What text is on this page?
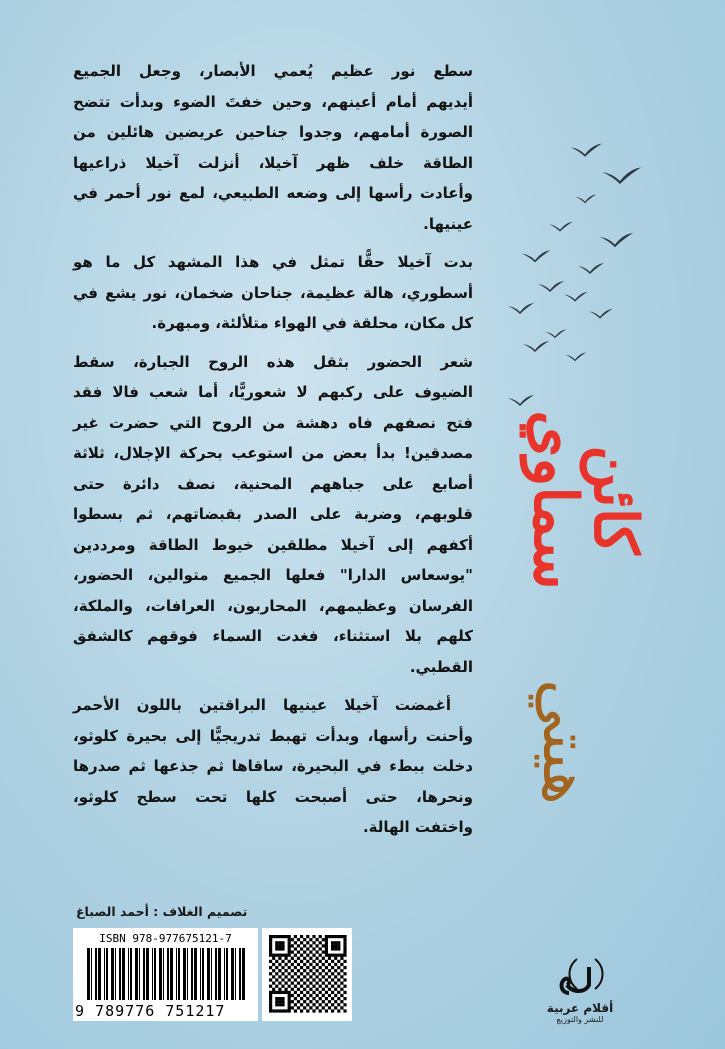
سطع نور عظيم يُعمي الأبصار، وجعل الجميع
أيديهم أمام أعينهم، وحين خفتَ الضوء وبدأت تتضح
الصورة أمامهم، وجدوا جناحين عريضين هائلين من
الطاقة خلف ظهر آخيلا، أنزلت آخيلا ذراعيها
وأعادت رأسها إلى وضعه الطبيعي، لمع نور أحمر في
عينيها.
بدت آخيلا حقًّا تمثل في هذا المشهد كل ما هو
أسطوري، هالة عظيمة، جناحان ضخمان، نور يشع في
كل مكان، محلقة في الهواء متلألئة، ومبهرة.
شعر الحضور بثقل هذه الروح الجبارة، سقط
الضيوف على ركبهم لا شعوريًّا، أما شعب فالا فقد
فتح نصفهم فاه دهشة من الروح التي حضرت غير
مصدقين! بدأ بعض من استوعب بحركة الإجلال، ثلاثة
أصابع على جباههم المحنية، نصف دائرة حتى
قلوبهم، وضربة على الصدر بقبضاتهم، ثم بسطوا
أكفهم إلى آخيلا مطلقين خيوط الطاقة ومرددين
"يوسعاس الدارا" فعلها الجميع متوالين، الحضور،
الفرسان وعظيمهم، المحاربون، العرافات، والملكة،
كلهم بلا استثناء، فغدت السماء فوقهم كالشفق
القطبي.
أغمضت آخيلا عينيها البراقتين باللون الأحمر
وأحنت رأسها، وبدأت تهبط تدريجيًّا إلى بحيرة كلوثو،
دخلت ببطء في البحيرة، ساقاها ثم جذعها ثم صدرها
ونحرها، حتى أصبحت كلها تحت سطح كلوثو،
واختفت الهالة.
كائن سماوي
هيتي
تصميم الغلاف : أحمد الصباغ
ISBN 978-977675121-7
9 789776 751217	أقلام عربية
للنشر والتوزيع
